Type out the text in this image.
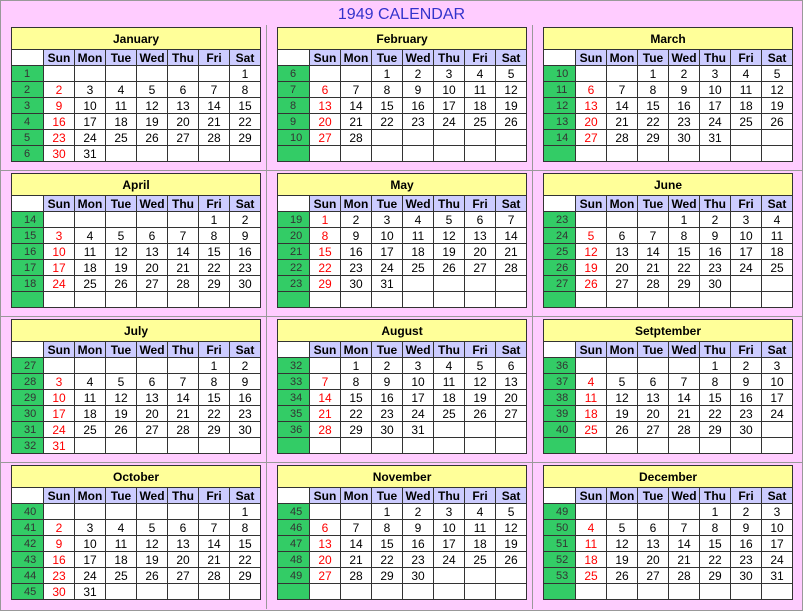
1949 CALENDAR
January							
	Sun	Mon	Tue	Wed	Thu	Fri	Sat
1							1
2	2	3	4	5	6	7	8
3	9	10	11	12	13	14	15
4	16	17	18	19	20	21	22
5	23	24	25	26	27	28	29
6	30	31					
February							
	Sun	Mon	Tue	Wed	Thu	Fri	Sat
6			1	2	3	4	5
7	6	7	8	9	10	11	12
8	13	14	15	16	17	18	19
9	20	21	22	23	24	25	26
10	27	28					

March							
	Sun	Mon	Tue	Wed	Thu	Fri	Sat
10			1	2	3	4	5
11	6	7	8	9	10	11	12
12	13	14	15	16	17	18	19
13	20	21	22	23	24	25	26
14	27	28	29	30	31		

April							
	Sun	Mon	Tue	Wed	Thu	Fri	Sat
14						1	2
15	3	4	5	6	7	8	9
16	10	11	12	13	14	15	16
17	17	18	19	20	21	22	23
18	24	25	26	27	28	29	30

May							
	Sun	Mon	Tue	Wed	Thu	Fri	Sat
19	1	2	3	4	5	6	7
20	8	9	10	11	12	13	14
21	15	16	17	18	19	20	21
22	22	23	24	25	26	27	28
23	29	30	31				

June							
	Sun	Mon	Tue	Wed	Thu	Fri	Sat
23				1	2	3	4
24	5	6	7	8	9	10	11
25	12	13	14	15	16	17	18
26	19	20	21	22	23	24	25
27	26	27	28	29	30		

July							
	Sun	Mon	Tue	Wed	Thu	Fri	Sat
27						1	2
28	3	4	5	6	7	8	9
29	10	11	12	13	14	15	16
30	17	18	19	20	21	22	23
31	24	25	26	27	28	29	30
32	31						
August							
	Sun	Mon	Tue	Wed	Thu	Fri	Sat
32		1	2	3	4	5	6
33	7	8	9	10	11	12	13
34	14	15	16	17	18	19	20
35	21	22	23	24	25	26	27
36	28	29	30	31			

Setptember							
	Sun	Mon	Tue	Wed	Thu	Fri	Sat
36					1	2	3
37	4	5	6	7	8	9	10
38	11	12	13	14	15	16	17
39	18	19	20	21	22	23	24
40	25	26	27	28	29	30	

October							
	Sun	Mon	Tue	Wed	Thu	Fri	Sat
40							1
41	2	3	4	5	6	7	8
42	9	10	11	12	13	14	15
43	16	17	18	19	20	21	22
44	23	24	25	26	27	28	29
45	30	31					
November							
	Sun	Mon	Tue	Wed	Thu	Fri	Sat
45			1	2	3	4	5
46	6	7	8	9	10	11	12
47	13	14	15	16	17	18	19
48	20	21	22	23	24	25	26
49	27	28	29	30			

December							
	Sun	Mon	Tue	Wed	Thu	Fri	Sat
49					1	2	3
50	4	5	6	7	8	9	10
51	11	12	13	14	15	16	17
52	18	19	20	21	22	23	24
53	25	26	27	28	29	30	31
